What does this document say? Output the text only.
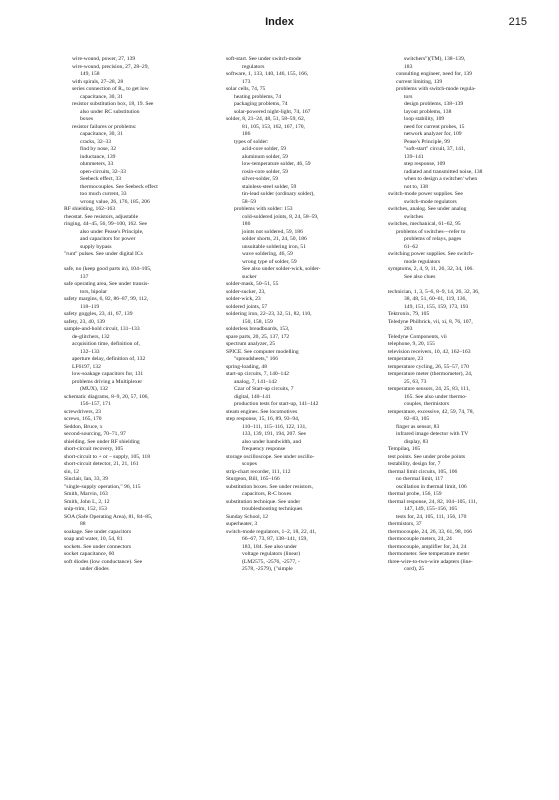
Index	215
wire-wound, power, 27, 139
wire-wound, precision, 27, 28–29,
149, 158
with spirals, 27–28, 28
series connection of Rₒ, to get low
capacitance, 30, 31
resistor substitution box, 18, 19. See
also under RC substitution
boxes
resistor failures or problems:
capacitance, 30, 31
cracks, 32–33
find by nose, 32
inductance, 139
ohmmeters, 33
open-circuits, 32–33
Seebeck effect, 33
thermocouples. See Seebeck effect
too much current, 33
wrong value, 26, 176, 185, 206
RF shielding, 162–163
rheostat. See resistors, adjustable
ringing, 44–45, 56, 99–100, 162. See
also under Pease's Principle,
and capacitors for power
supply bypass
"runt" pulses. See under digital ICs
safe, no (keep good parts in), 104–105,
137
safe operating area, See under transis-
tors, bipolar
safety margins, 6, 82, 86–87, 99, 112,
118–119
safety goggles, 23, 41, 67, 139
safety, 23, 40, 139
sample-and-hold circuit, 131–133
de-glitchers, 132
acquisition time, definition of,
132–133
aperture delay, definition of, 132
LF6197, 132
low-soakage capacitors for, 131
problems driving a Multiplexer
(MUX), 132
schematic diagrams, 8–9, 20, 57, 106,
156–157, 171
screwdrivers, 23
screws, 165, 170
Seddon, Bruce, x
second-sourcing, 70–71, 97
shielding. See under RF shielding
short-circuit recovery, 105
short-circuit to + or – supply, 105, 118
short-circuit detector, 21, 21, 161
sin, 12
Sinclair, Ian, 33, 39
"single-supply operation," 96, 115
Smith, Marvin, 163
Smith, John L, 2, 12
snip-trim, 152, 153
SOA (Safe Operating Area), 81, 84–85,
88
soakage. See under capacitors
soap and water, 10, 54, 81
sockets. See under connectors
socket capacitance, 60
soft diodes (low conductance). See
under diodes
soft-start. See under switch-mode
regulators
software, 1, 133, 140, 146, 155, 166,
173
solar cells, 74, 75
heating problems, 74
packaging problems, 74
solar-powered night-light, 74, 167
solder, 8, 21–24, 48, 51, 58–59, 62,
81, 105, 153, 162, 167, 170,
186
types of solder:
acid-core solder, 59
aluminum solder, 59
low-temperature solder, 46, 59
rosin-core solder, 59
silver-solder, 59
stainless-steel solder, 59
tin-lead solder (ordinary solder),
58–59
problems with solder: 153
cold-soldered joints, 8, 24, 58–59,
186
joints not soldered, 59, 186
solder shorts, 21, 24, 50, 186
unsuitable soldering iron, 51
wave soldering, 46, 59
wrong type of solder, 59
See also under solder-wick, solder-
sucker
solder-mask, 50–51, 55
solder-sucker, 23,
solder-wick, 23
soldered joints, 57
soldering iron, 22–23, 32, 51, 82, 110,
150, 158, 159
solderless breadboards, 153,
spare parts, 20, 25, 137, 172
spectrum analyzer, 25
SPICE. See computer modelling
"spreadsheets," 166
spring-loading, 48
start-up circuits, 7, 140–142
analog, 7, 141–142
Czar of Start-up circuits, 7
digital, 140–141
production tests for start-up, 141–142
steam engines. See locomotives
step response, 15, 16, 89, 93–94,
110–111, 115–116, 122, 131,
133, 139, 191, 194, 207. See
also under bandwidth, and
frequency response
storage oscilloscope. See under oscillo-
scopes
strip-chart recorder, 111, 112
Sturgeon, Bill, 165–166
substitution boxes. See under resistors,
capacitors, R-C boxes
substitution technique. See under
troubleshooting techniques
Sunday School, 12
superheater, 3
switch-mode regulators, 1–2, 18, 22, 41,
66–67, 73, 87, 138–141, 159,
183, 184. See also under
voltage regulators (linear)
(LM2575, -2576, -2577, -
2578, -2579), ("simple
switchers")(TM), 138–139,
183
consulting engineer, need for, 139
current limiting, 139
problems with switch-mode regula-
tors
design problems, 138–139
layout problems, 138
loop stability, 109
need for current probes, 15
network analyzer for, 109
Pease's Principle, 99
"soft-start" circuit, 37, 141,
139–141
step response, 109
radiated and transmitted noise, 138
when to design a switcher/ when
not to, 138
switch-mode power supplies. See
switch-mode regulators
switches, analog. See under analog
switches
switches, mechanical, 61–62, 95
problems of switches—refer to
problems of relays, pages
61–62
switching power supplies. See switch-
mode regulators
symptoms, 2, 4, 9, 11, 26, 32, 34, 106.
See also clues
technician, 1, 3, 5–6, 8–9, 14, 26, 32, 36,
38, 48, 51, 60–61, 119, 136,
149, 151, 155, 159, 173, 193
Tektronix, 79, 105
Teledyne Philbrick, vii, xi, 8, 76, 107,
203
Teledyne Components, vii
telephone, 9, 20, 155
television receivers, 10, 42, 162–163
temperature, 23
temperature cycling, 26, 55–57, 170
temperature meter (thermometer), 24,
25, 63, 73
temperature sensors, 24, 25, 83, 111,
165. See also under thermo-
couples, thermistors
temperature, excessive, 42, 59, 74, 78,
82–83, 105
finger as sensor, 83
infrared image detector with TV
display, 83
Tempilaq, 165
test points. See under probe points
testability, design for, 7
thermal limit circuits, 105, 106
no thermal limit, 117
oscillation in thermal limit, 106
thermal probe, 156, 159
thermal response, 24, 82, 104–105, 111,
147, 149, 155–156, 165
tests for, 24, 105, 111, 156, 170
thermistors, 37
thermocouple, 24, 26, 33, 61, 98, 166
thermocouple meters, 24, 24
thermocouple, amplifier for, 24, 24
thermometer. See temperature meter
three-wire-to-two-wire adapters (line-
cord), 25
